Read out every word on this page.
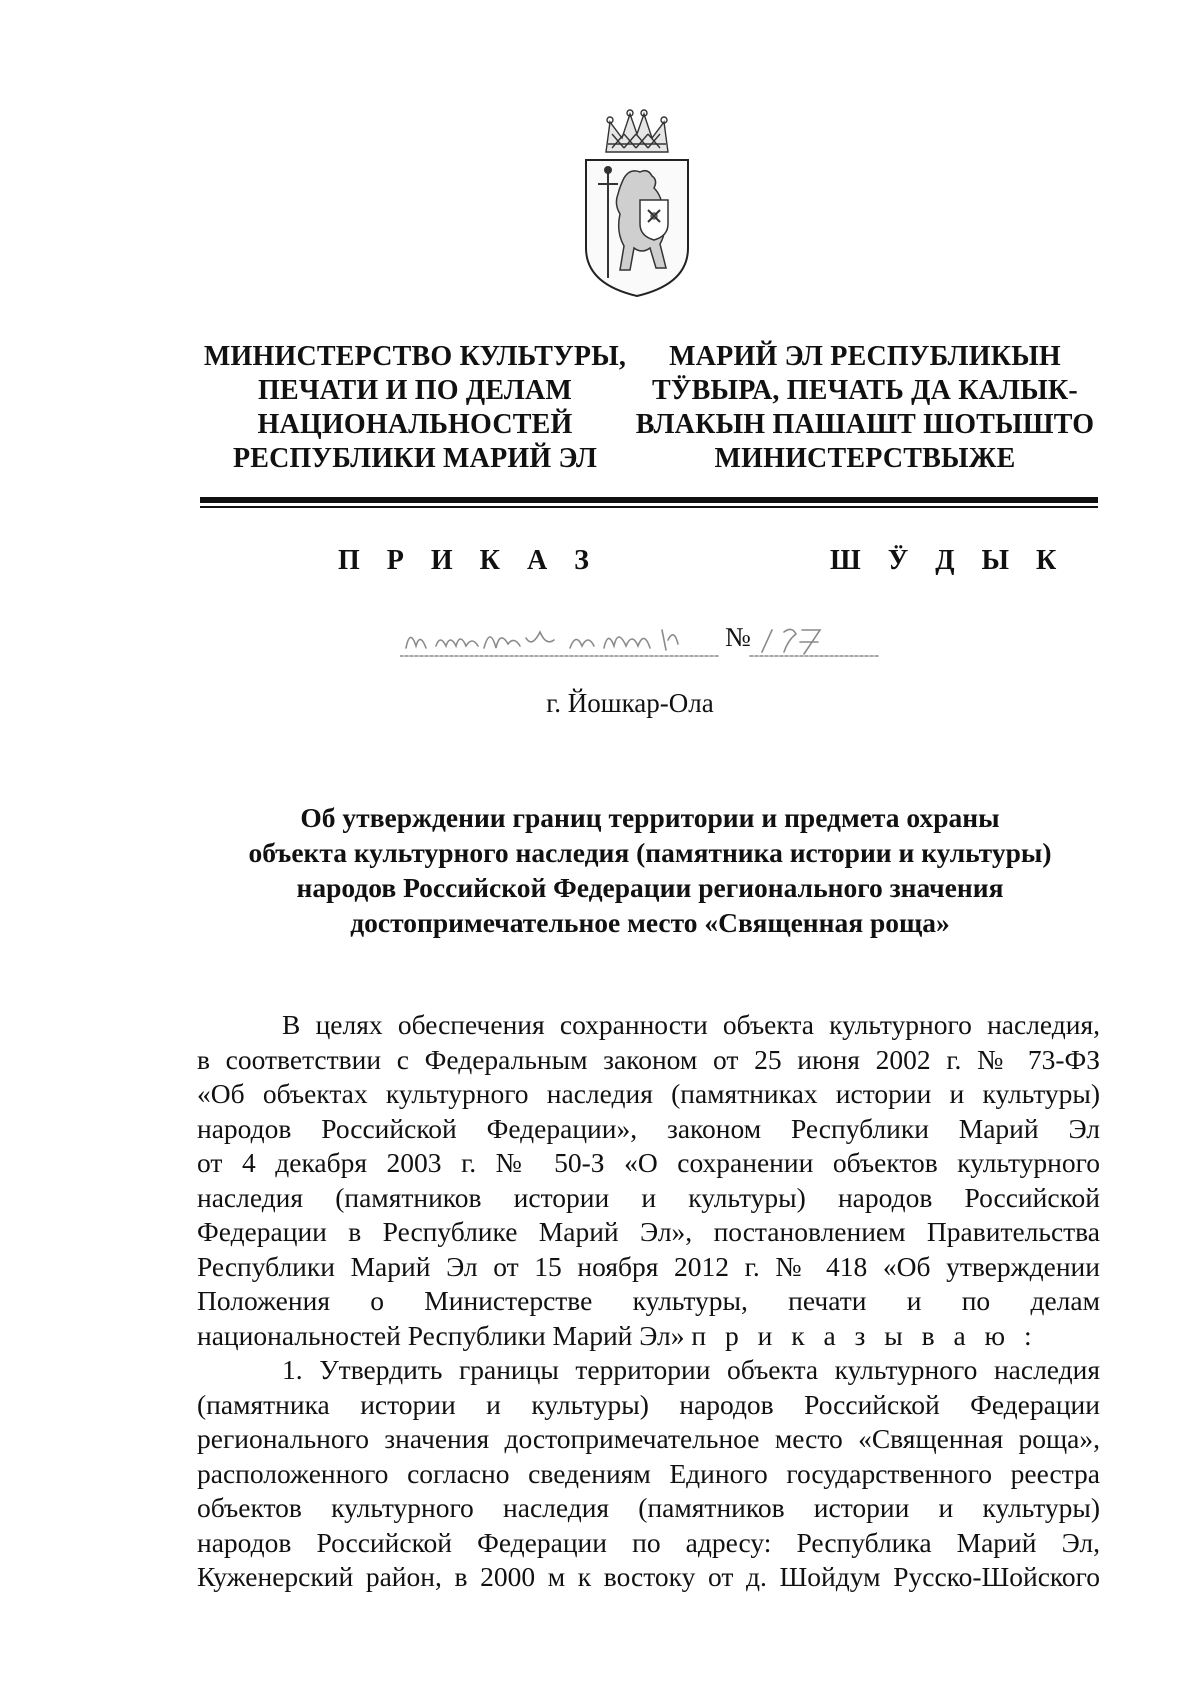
МИНИСТЕРСТВО КУЛЬТУРЫ,
ПЕЧАТИ И ПО ДЕЛАМ
НАЦИОНАЛЬНОСТЕЙ
РЕСПУБЛИКИ МАРИЙ ЭЛ
МАРИЙ ЭЛ РЕСПУБЛИКЫН
ТӰВЫРА, ПЕЧАТЬ ДА КАЛЫК-
ВЛАКЫН ПАШАШТ ШОТЫШТО
МИНИСТЕРСТВЫЖЕ
П Р И К А З	Ш Ӱ Д Ы К
№
г. Йошкар-Ола
Об утверждении границ территории и предмета охраны
объекта культурного наследия (памятника истории и культуры)
народов Российской Федерации регионального значения
достопримечательное место «Священная роща»
В целях обеспечения сохранности объекта культурного наследия,
в соответствии с Федеральным законом от 25 июня 2002 г. № 73-ФЗ
«Об объектах культурного наследия (памятниках истории и культуры)
народов Российской Федерации», законом Республики Марий Эл
от 4 декабря 2003 г. № 50-З «О сохранении объектов культурного
наследия (памятников истории и культуры) народов Российской
Федерации в Республике Марий Эл», постановлением Правительства
Республики Марий Эл от 15 ноября 2012 г. № 418 «Об утверждении
Положения о Министерстве культуры, печати и по делам
национальностей Республики Марий Эл» п р и к а з ы в а ю :
1. Утвердить границы территории объекта культурного наследия
(памятника истории и культуры) народов Российской Федерации
регионального значения достопримечательное место «Священная роща»,
расположенного согласно сведениям Единого государственного реестра
объектов культурного наследия (памятников истории и культуры)
народов Российской Федерации по адресу: Республика Марий Эл,
Куженерский район, в 2000 м к востоку от д. Шойдум Русско-Шойского
